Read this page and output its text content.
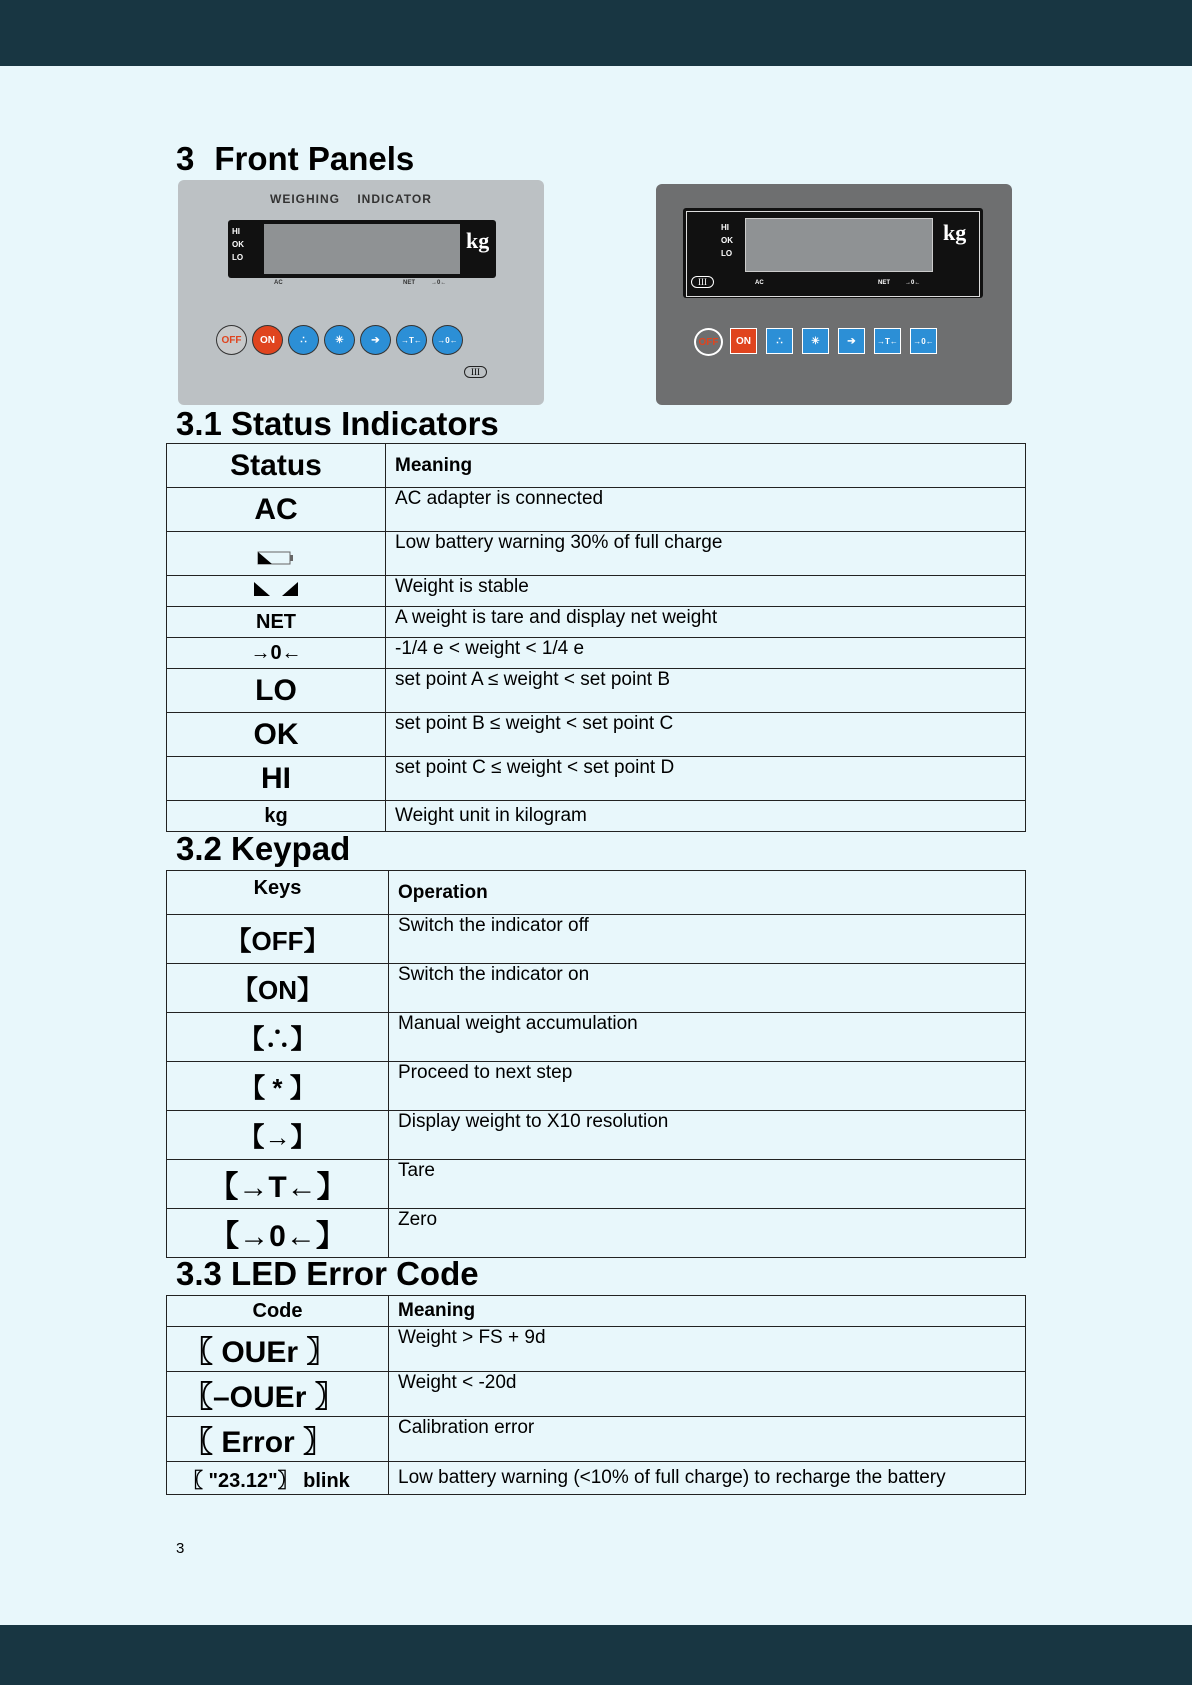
3 Front Panels
WEIGHING    INDICATOR
HI
OK
LO
kg
AC	NET	→0←
OFF	ON	∴	✳	➔	→T←	→0←
III
HI
OK
LO
kg
III	AC	NET	→0←
OFF	ON	∴	✳	➔	→T←	→0←
3.1 Status Indicators
Status	Meaning
AC	AC adapter is connected
	Low battery warning 30% of full charge
	Weight is stable
NET	A weight is tare and display net weight
→0←	-1/4 e < weight < 1/4 e
LO	set point A ≤ weight < set point B
OK	set point B ≤ weight < set point C
HI	set point C ≤ weight < set point D
kg	Weight unit in kilogram
3.2 Keypad
Keys	Operation
【OFF】	Switch the indicator off
【ON】	Switch the indicator on
【∴】	Manual weight accumulation
【 * 】	Proceed to next step
【→】	Display weight to X10 resolution
【→T←】	Tare
【→0←】	Zero
3.3 LED Error Code
Code	Meaning
〖 OUEr 〗	Weight > FS + 9d
〖–OUEr 〗	Weight < -20d
〖 Error 〗	Calibration error
〖 "23.12"〗 blink	Low battery warning (<10% of full charge) to recharge the battery
3
